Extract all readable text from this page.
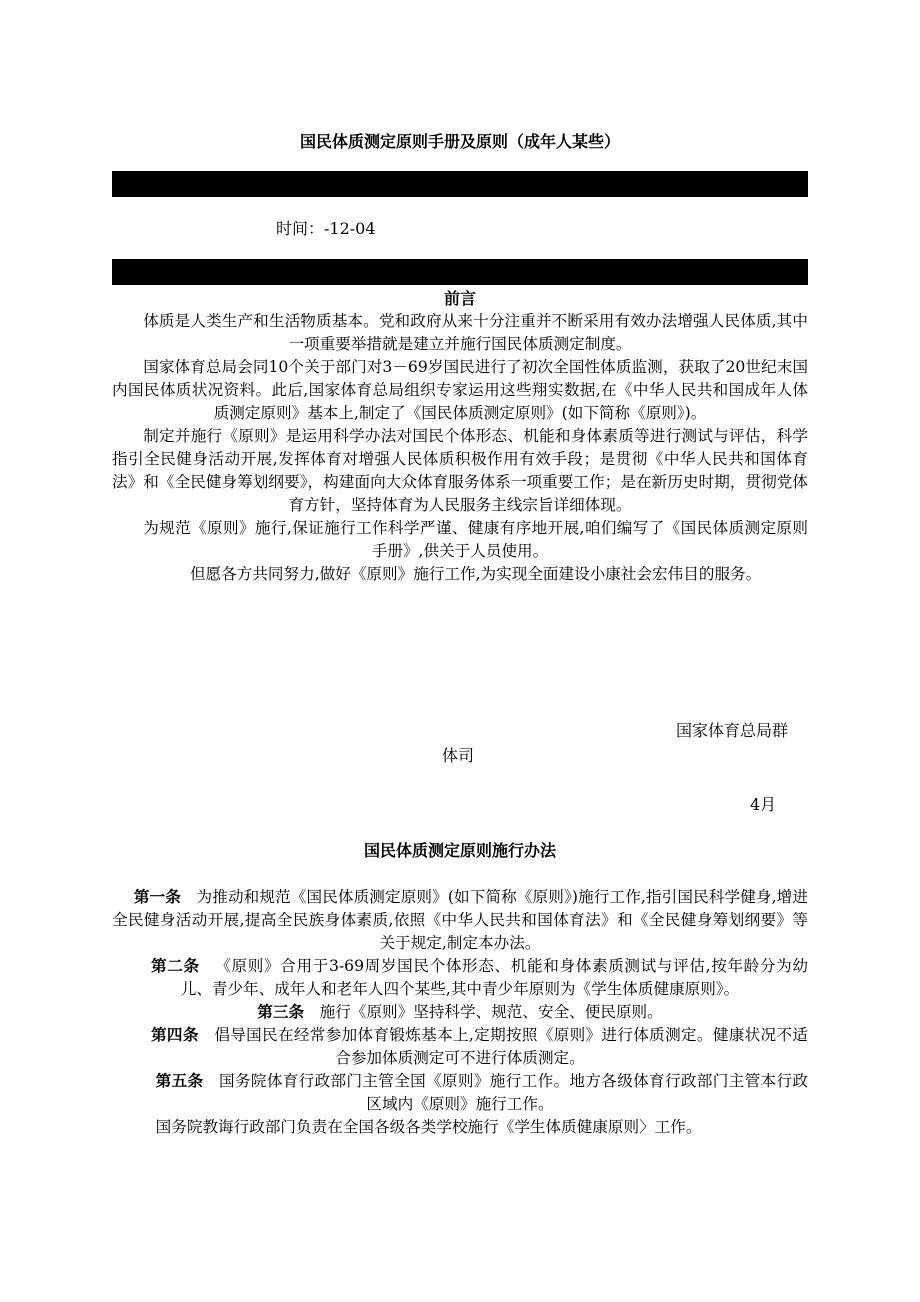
国民体质测定原则手册及原则（成年人某些）
时间：-12-04
前言

体质是人类生产和生活物质基本。党和政府从来十分注重并不断采用有效办法增强人民体质,其中一项重要举措就是建立并施行国民体质测定制度。

国家体育总局会同10个关于部门对3－69岁国民进行了初次全国性体质监测，获取了20世纪末国内国民体质状况资料。此后,国家体育总局组织专家运用这些翔实数据,在《中华人民共和国成年人体质测定原则》基本上,制定了《国民体质测定原则》(如下简称《原则》)。

制定并施行《原则》是运用科学办法对国民个体形态、机能和身体素质等进行测试与评估，科学指引全民健身活动开展,发挥体育对增强人民体质积极作用有效手段；是贯彻《中华人民共和国体育法》和《全民健身筹划纲要》，构建面向大众体育服务体系一项重要工作；是在新历史时期，贯彻党体育方针，坚持体育为人民服务主线宗旨详细体现。

为规范《原则》施行,保证施行工作科学严谨、健康有序地开展,咱们编写了《国民体质测定原则手册》,供关于人员使用。

但愿各方共同努力,做好《原则》施行工作,为实现全面建设小康社会宏伟目的服务。

国家体育总局群
体司
4月
国民体质测定原则施行办法

第一条 为推动和规范《国民体质测定原则》(如下简称《原则》)施行工作,指引国民科学健身,增进全民健身活动开展,提高全民族身体素质,依照《中华人民共和国体育法》和《全民健身筹划纲要》等关于规定,制定本办法。

第二条 《原则》合用于3-69周岁国民个体形态、机能和身体素质测试与评估,按年龄分为幼儿、青少年、成年人和老年人四个某些,其中青少年原则为《学生体质健康原则》。

第三条 施行《原则》坚持科学、规范、安全、便民原则。

第四条 倡导国民在经常参加体育锻炼基本上,定期按照《原则》进行体质测定。健康状况不适合参加体质测定可不进行体质测定。

第五条 国务院体育行政部门主管全国《原则》施行工作。地方各级体育行政部门主管本行政区域内《原则》施行工作。

国务院教诲行政部门负责在全国各级各类学校施行《学生体质健康原则〉工作。
